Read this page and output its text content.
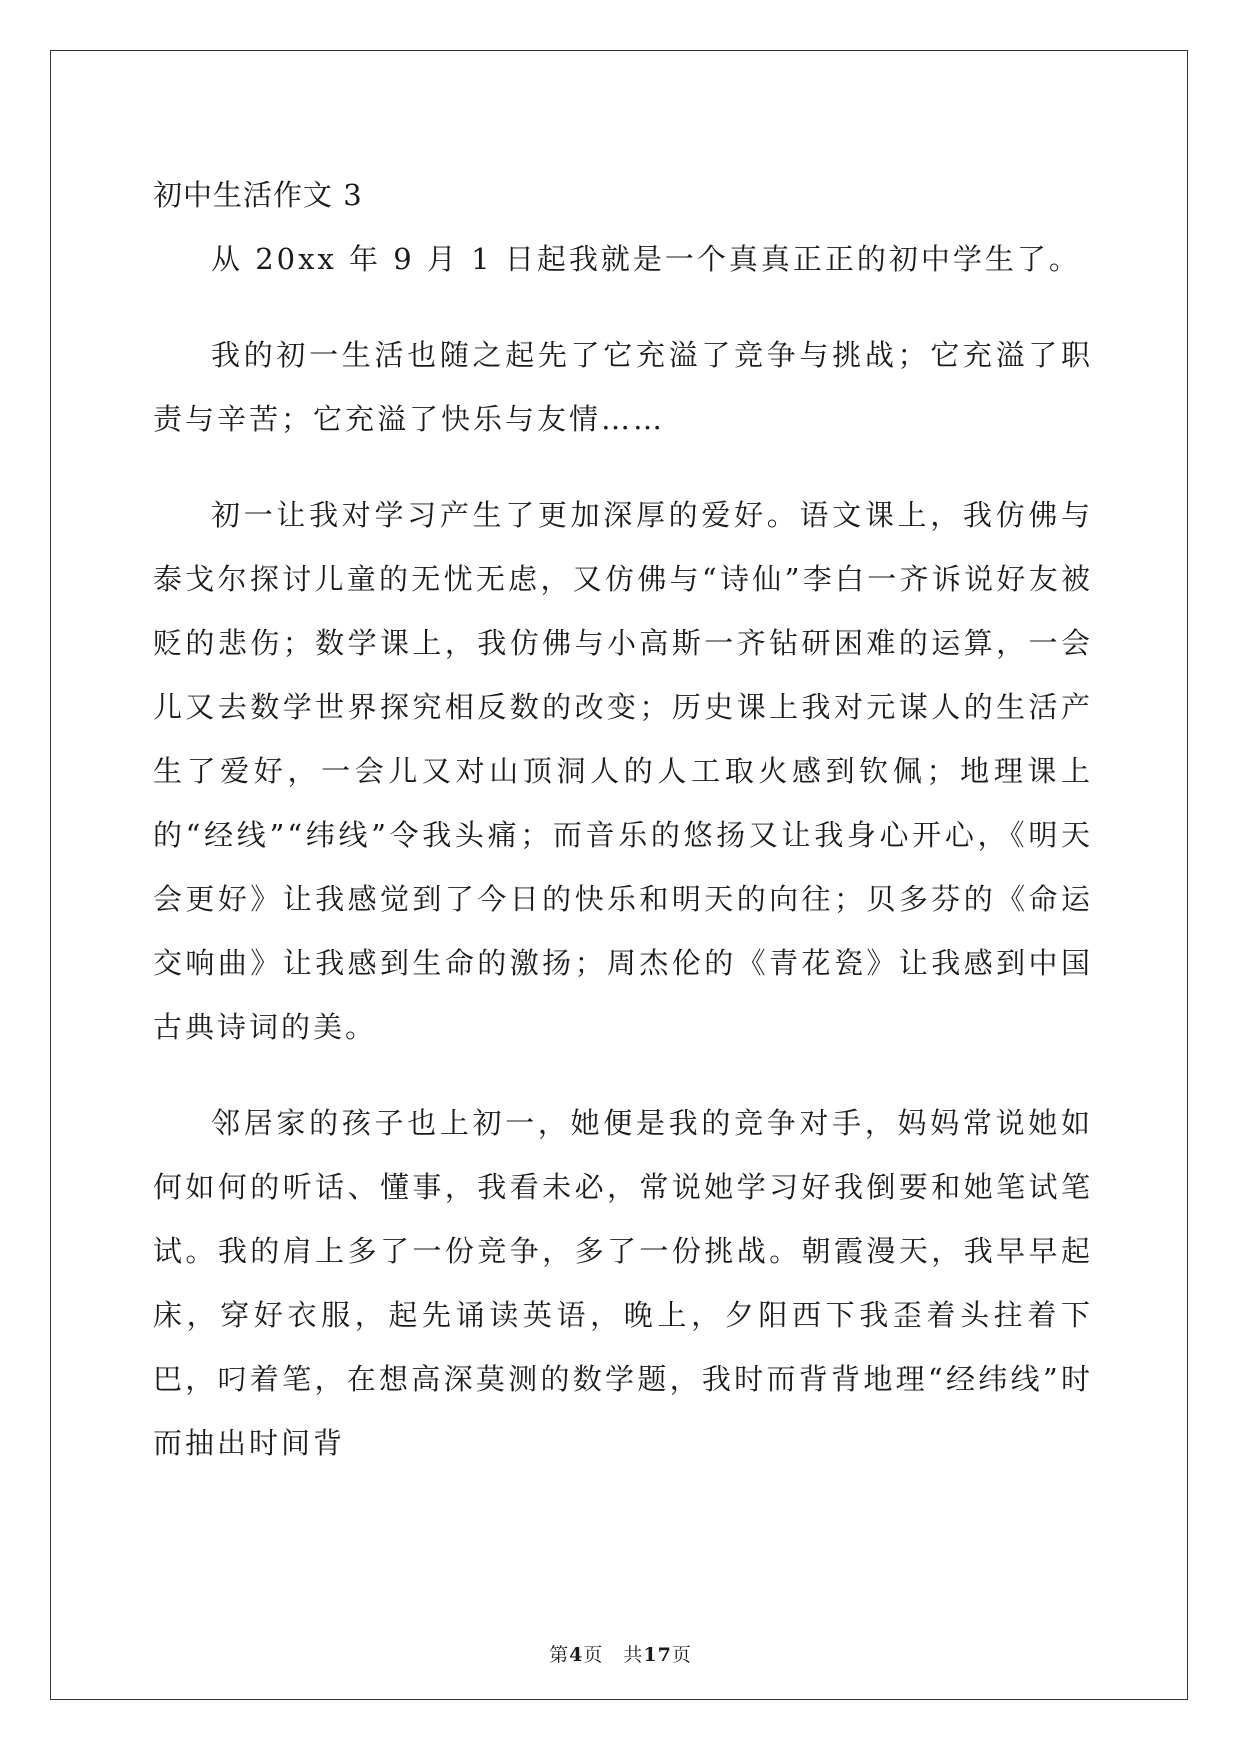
初中生活作文 3

从 20xx 年 9 月 1 日起我就是一个真真正正的初中学生了。

我的初一生活也随之起先了它充溢了竞争与挑战；它充溢了职责与辛苦；它充溢了快乐与友情……

初一让我对学习产生了更加深厚的爱好。语文课上，我仿佛与泰戈尔探讨儿童的无忧无虑，又仿佛与“诗仙”李白一齐诉说好友被贬的悲伤；数学课上，我仿佛与小高斯一齐钻研困难的运算，一会儿又去数学世界探究相反数的改变；历史课上我对元谋人的生活产生了爱好，一会儿又对山顶洞人的人工取火感到钦佩；地理课上的“经线”“纬线”令我头痛；而音乐的悠扬又让我身心开心，《明天会更好》让我感觉到了今日的快乐和明天的向往；贝多芬的《命运交响曲》让我感到生命的激扬；周杰伦的《青花瓷》让我感到中国古典诗词的美。

邻居家的孩子也上初一，她便是我的竞争对手，妈妈常说她如何如何的听话、懂事，我看未必，常说她学习好我倒要和她笔试笔试。我的肩上多了一份竞争，多了一份挑战。朝霞漫天，我早早起床，穿好衣服，起先诵读英语，晚上，夕阳西下我歪着头拄着下巴，叼着笔，在想高深莫测的数学题，我时而背背地理“经纬线”时而抽出时间背

第4页　共17页
